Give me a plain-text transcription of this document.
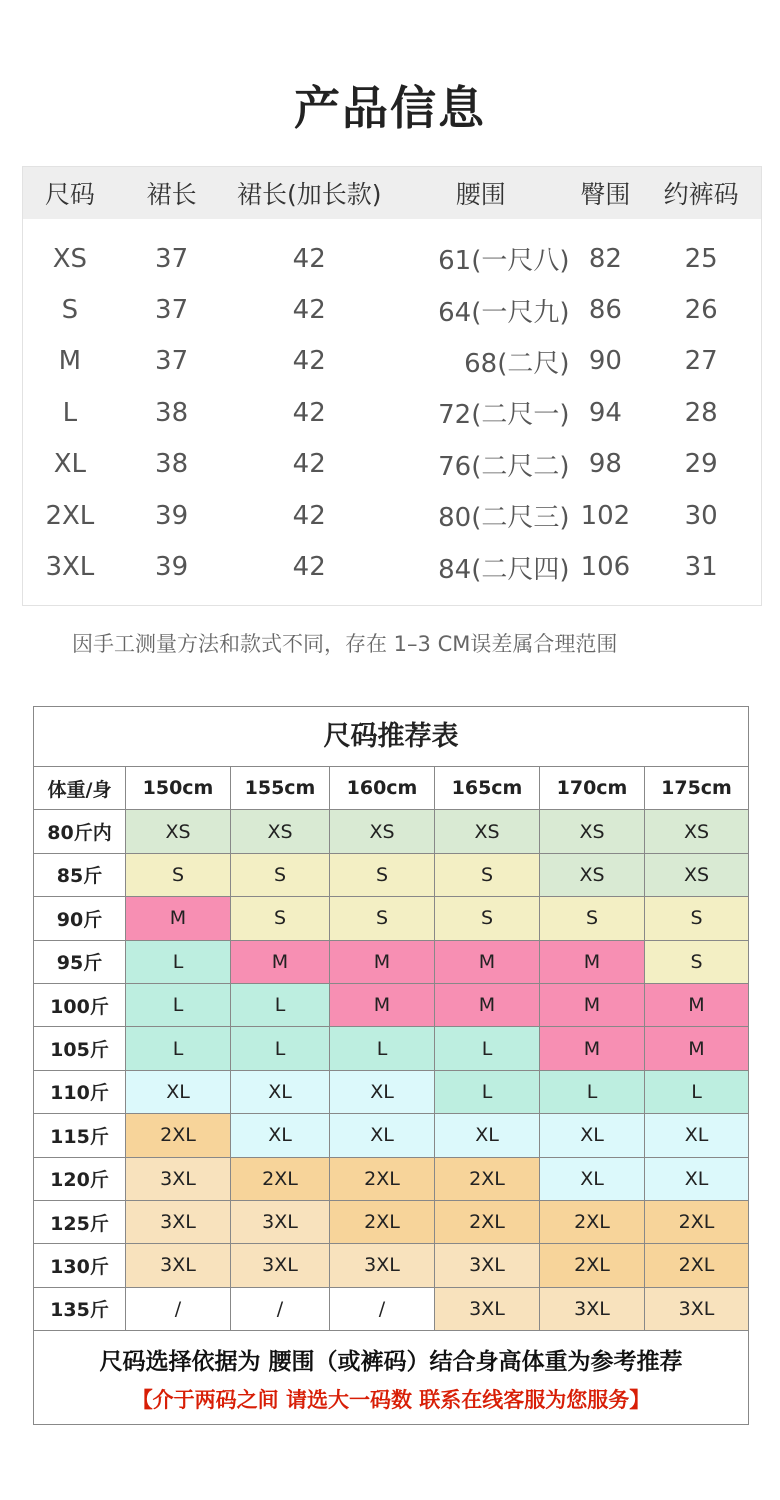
产品信息
尺码	裙长	裙长(加长款)	腰围	臀围	约裤码
XS	37	42	61(一尺八) 82	25
S	37	42	64(一尺九) 86	26
M	37	42	68(二尺) 90	27
L	38	42	72(二尺一) 94	28
XL	38	42	76(二尺二) 98	29
2XL	39	42	80(二尺三) 102	30
3XL	39	42	84(二尺四) 106	31
因手工测量方法和款式不同，存在 1–3 CM误差属合理范围
尺码推荐表
体重/身	150cm	155cm	160cm	165cm	170cm	175cm
80斤内	XS	XS	XS	XS	XS	XS
85斤	S	S	S	S	XS	XS
90斤	M	S	S	S	S	S
95斤	L	M	M	M	M	S
100斤	L	L	M	M	M	M
105斤	L	L	L	L	M	M
110斤	XL	XL	XL	L	L	L
115斤	2XL	XL	XL	XL	XL	XL
120斤	3XL	2XL	2XL	2XL	XL	XL
125斤	3XL	3XL	2XL	2XL	2XL	2XL
130斤	3XL	3XL	3XL	3XL	2XL	2XL
135斤	/	/	/	3XL	3XL	3XL
尺码选择依据为 腰围（或裤码）结合身高体重为参考推荐
【介于两码之间 请选大一码数 联系在线客服为您服务】
